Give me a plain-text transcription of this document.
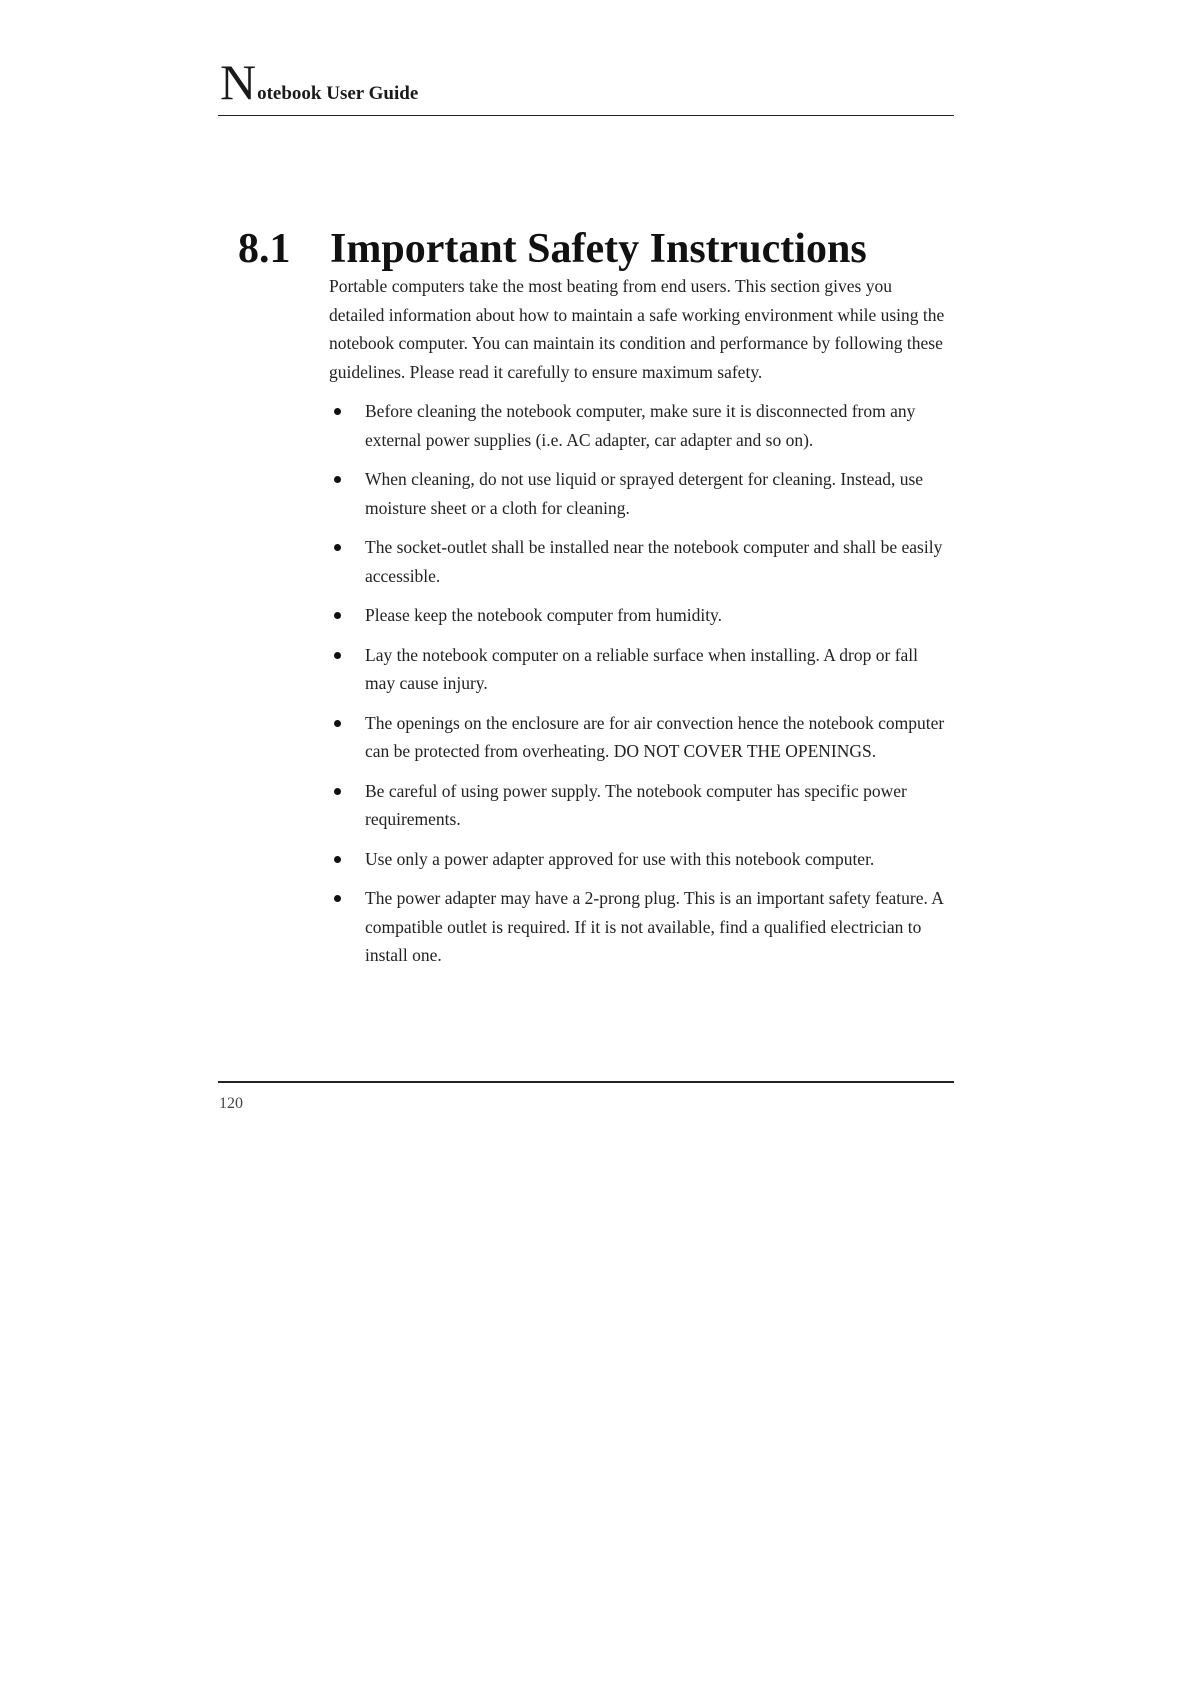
Notebook User Guide
8.1 Important Safety Instructions

Portable computers take the most beating from end users. This section gives you detailed information about how to maintain a safe working environment while using the notebook computer. You can maintain its condition and performance by following these guidelines. Please read it carefully to ensure maximum safety.

Before cleaning the notebook computer, make sure it is disconnected from any external power supplies (i.e. AC adapter, car adapter and so on).
When cleaning, do not use liquid or sprayed detergent for cleaning. Instead, use moisture sheet or a cloth for cleaning.
The socket-outlet shall be installed near the notebook computer and shall be easily accessible.
Please keep the notebook computer from humidity.
Lay the notebook computer on a reliable surface when installing. A drop or fall may cause injury.
The openings on the enclosure are for air convection hence the notebook computer can be protected from overheating. DO NOT COVER THE OPENINGS.
Be careful of using power supply. The notebook computer has specific power requirements.
Use only a power adapter approved for use with this notebook computer.
The power adapter may have a 2-prong plug. This is an important safety feature. A compatible outlet is required. If it is not available, find a qualified electrician to install one.
120
